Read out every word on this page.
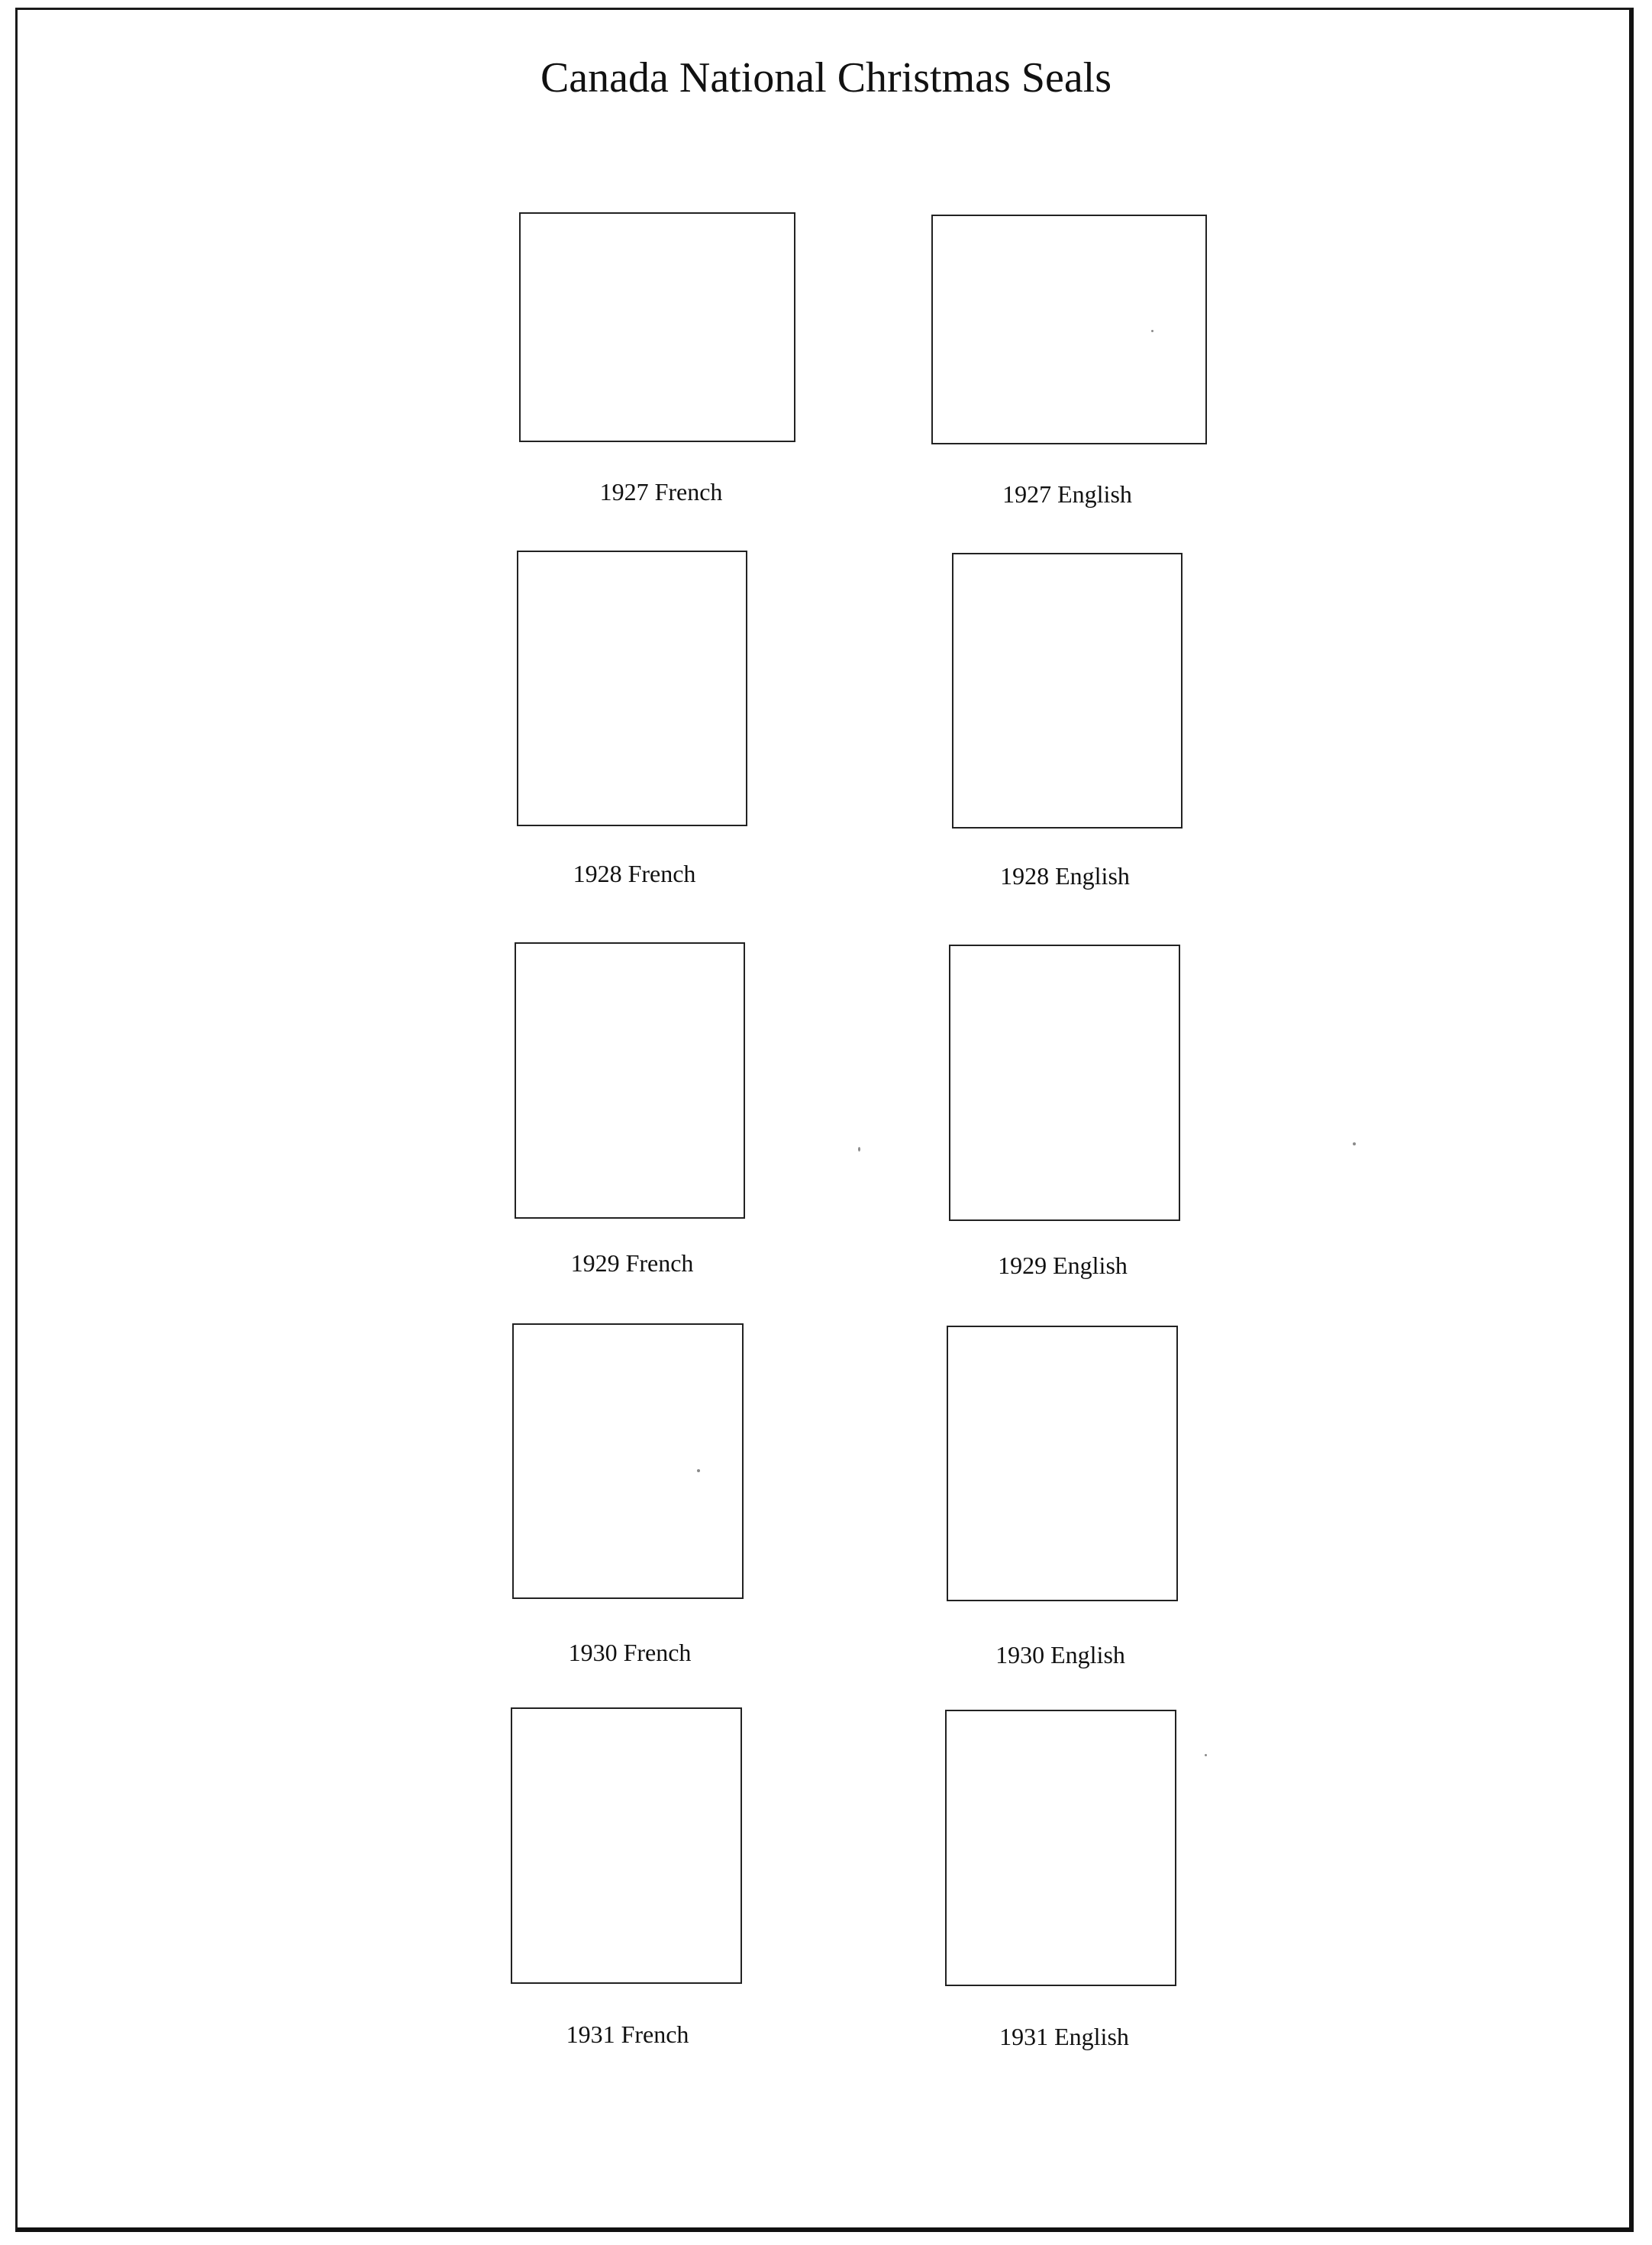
Canada National Christmas Seals
1927 French	1927 English
1928 French	1928 English
1929 French	1929 English
1930 French	1930 English
1931 French	1931 English
